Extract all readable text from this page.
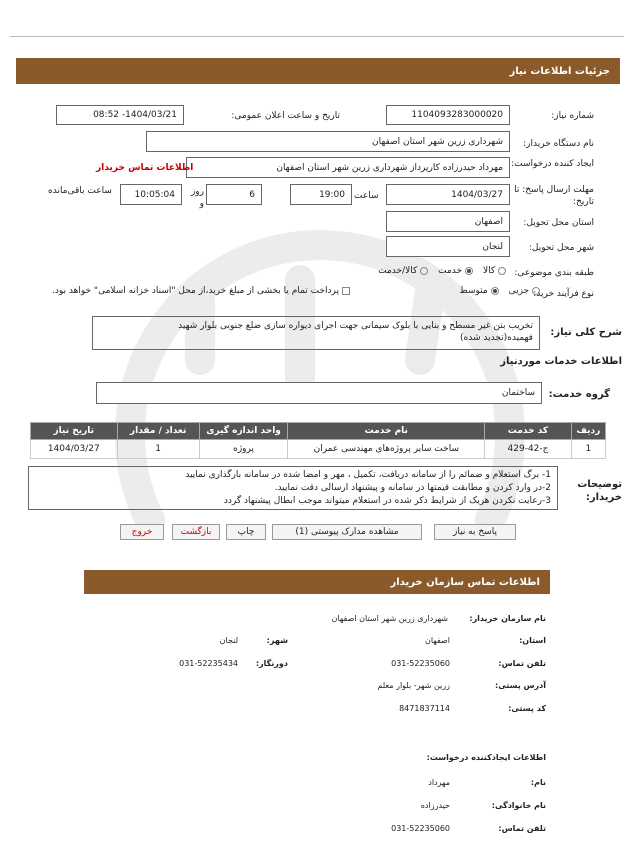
جزئیات اطلاعات نیاز
شماره نیاز:
1104093283000020
تاریخ و ساعت اعلان عمومی:
1404/03/21- 08:52
نام دستگاه خریدار:
شهرداری زرین شهر استان اصفهان
ایجاد کننده درخواست:
مهرداد حیدرزاده کارپرداز شهرداری زرین شهر استان اصفهان
اطلاعات تماس خریدار
مهلت ارسال پاسخ: تا تاریخ:
1404/03/27
ساعت
19:00
6
روز و
10:05:04
ساعت باقی‌مانده
استان محل تحویل:
اصفهان
شهر محل تحویل:
لنجان
طبقه بندی موضوعی:
کالا
خدمت
کالا/خدمت
نوع فرآیند خرید:
جزیی
متوسط
پرداخت تمام یا بخشی از مبلغ خرید،از محل "اسناد خزانه اسلامی" خواهد بود.
شرح کلی نیاز:
تخریب بتن غیر مسطح و بنایی با بلوک سیمانی جهت اجرای دیواره سازی ضلع جنوبی بلوار شهید
فهمیده(تجدید شده)
اطلاعات خدمات موردنیاز
گروه خدمت:
ساختمان
ردیف	کد خدمت	نام خدمت	واحد اندازه گیری	تعداد / مقدار	تاریخ نیاز
1	ج-42-429	ساخت سایر پروژه‌های مهندسی عمران	پروژه	1	1404/03/27
توضیحات خریدار:
1- برگ استعلام و ضمائم را از سامانه دریافت، تکمیل ، مهر و امضا شده در سامانه بارگذاری نمایید
2-در وارد کردن و مطابقت قیمتها در سامانه و پیشنهاد ارسالی دقت نمایید.
3-رعایت نکردن هریک از شرایط ذکر شده در استعلام میتواند موجب ابطال پیشنهاد گردد
پاسخ به نیاز
مشاهده مدارک پیوستی (1)
چاپ
بازگشت
خروج
اطلاعات تماس سازمان خریدار
نام سازمان خریدار:
شهرداری زرین شهر استان اصفهان
استان:
اصفهان
شهر:
لنجان
تلفن تماس:
031-52235060
دورنگار:
031-52235434
آدرس پستی:
زرین شهر- بلوار معلم
کد پستی:
8471837114
اطلاعات ایجادکننده درخواست:
نام:
مهرداد
نام خانوادگی:
حیدرزاده
تلفن تماس:
031-52235060
